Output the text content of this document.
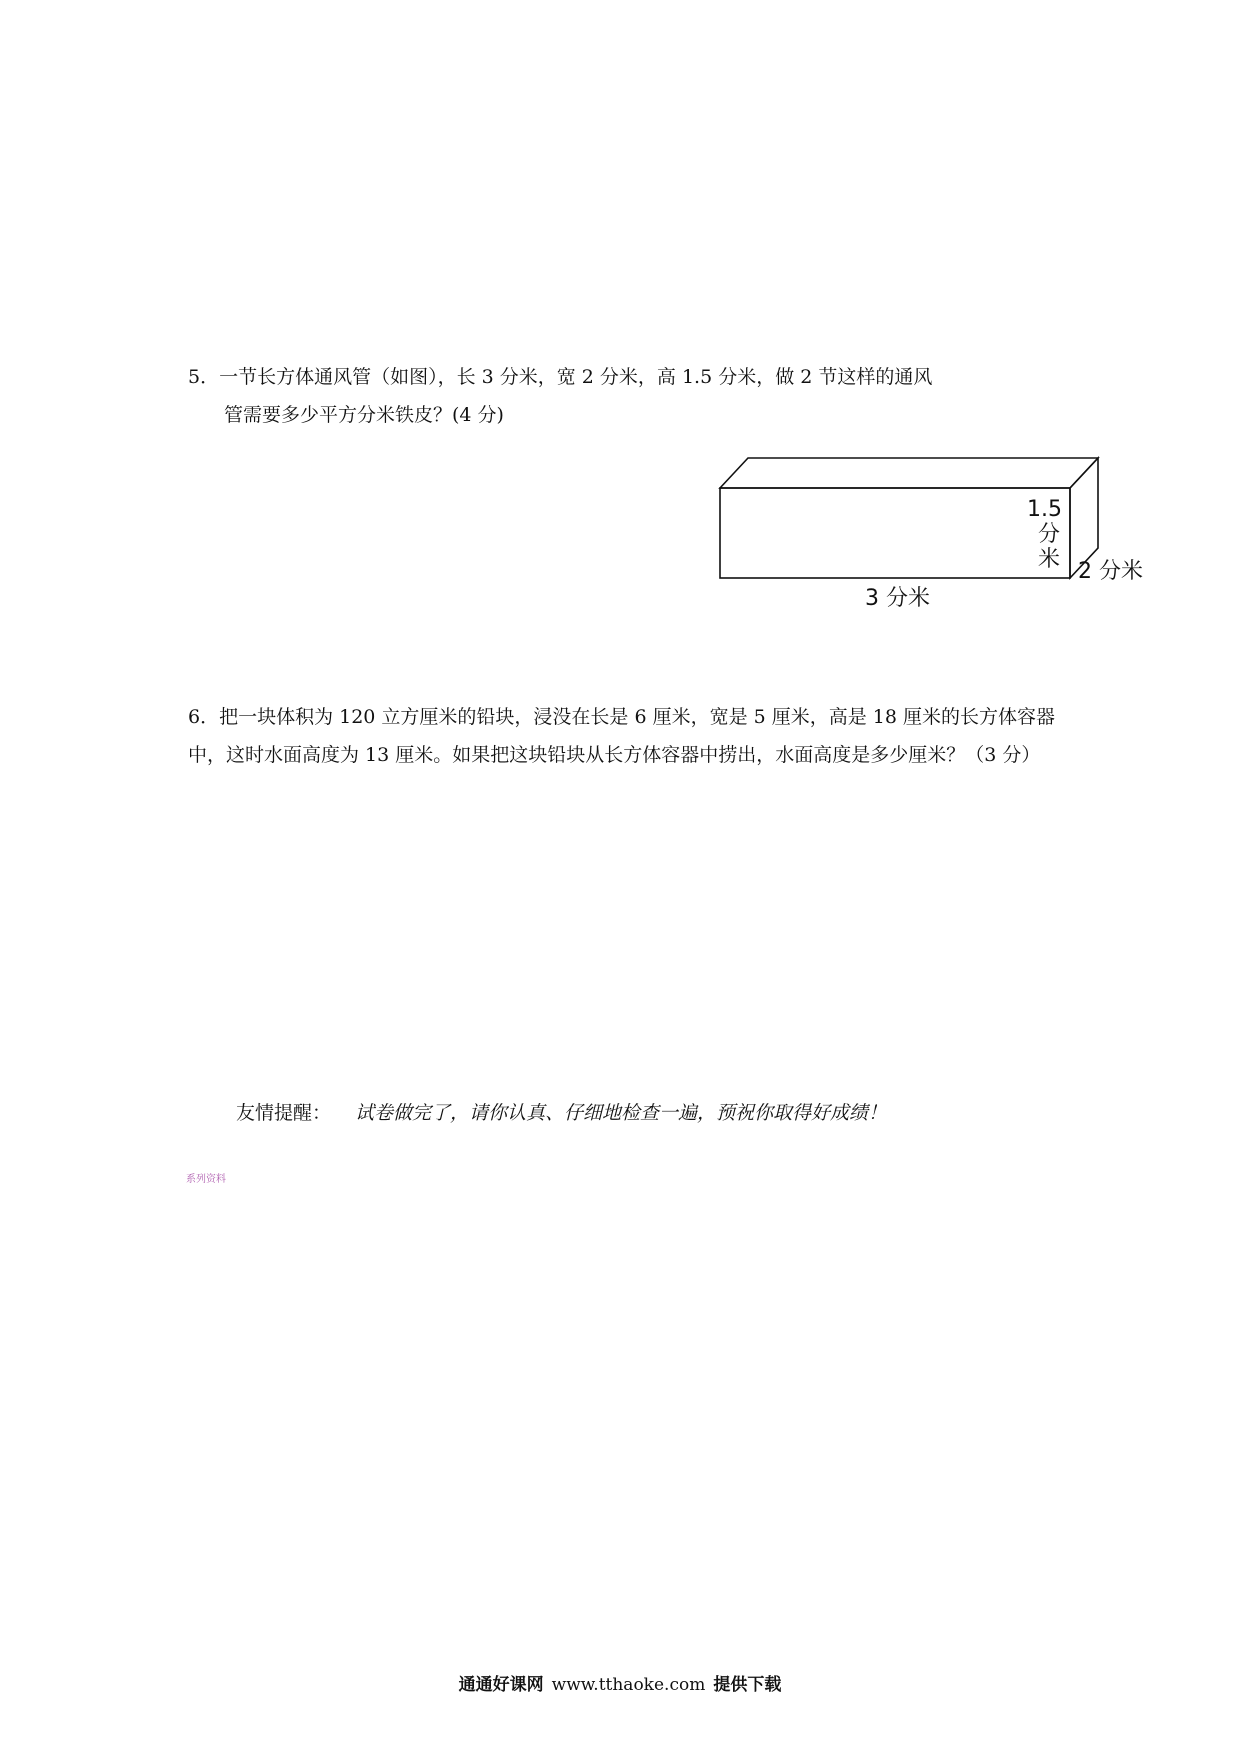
5．一节长方体通风管（如图），长 3 分米，宽 2 分米，高 1.5 分米，做 2 节这样的通风
管需要多少平方分米铁皮？(4 分)

1.5
分
米 2 分米
3 分米

6．把一块体积为 120 立方厘米的铅块，浸没在长是 6 厘米，宽是 5 厘米，高是 18 厘米的长方体容器中，这时水面高度为 13 厘米。如果把这块铅块从长方体容器中捞出，水面高度是多少厘米？（3 分）

友情提醒： 试卷做完了，请你认真、仔细地检查一遍，预祝你取得好成绩！

系列资料

通通好课网 www.tthaoke.com 提供下载
